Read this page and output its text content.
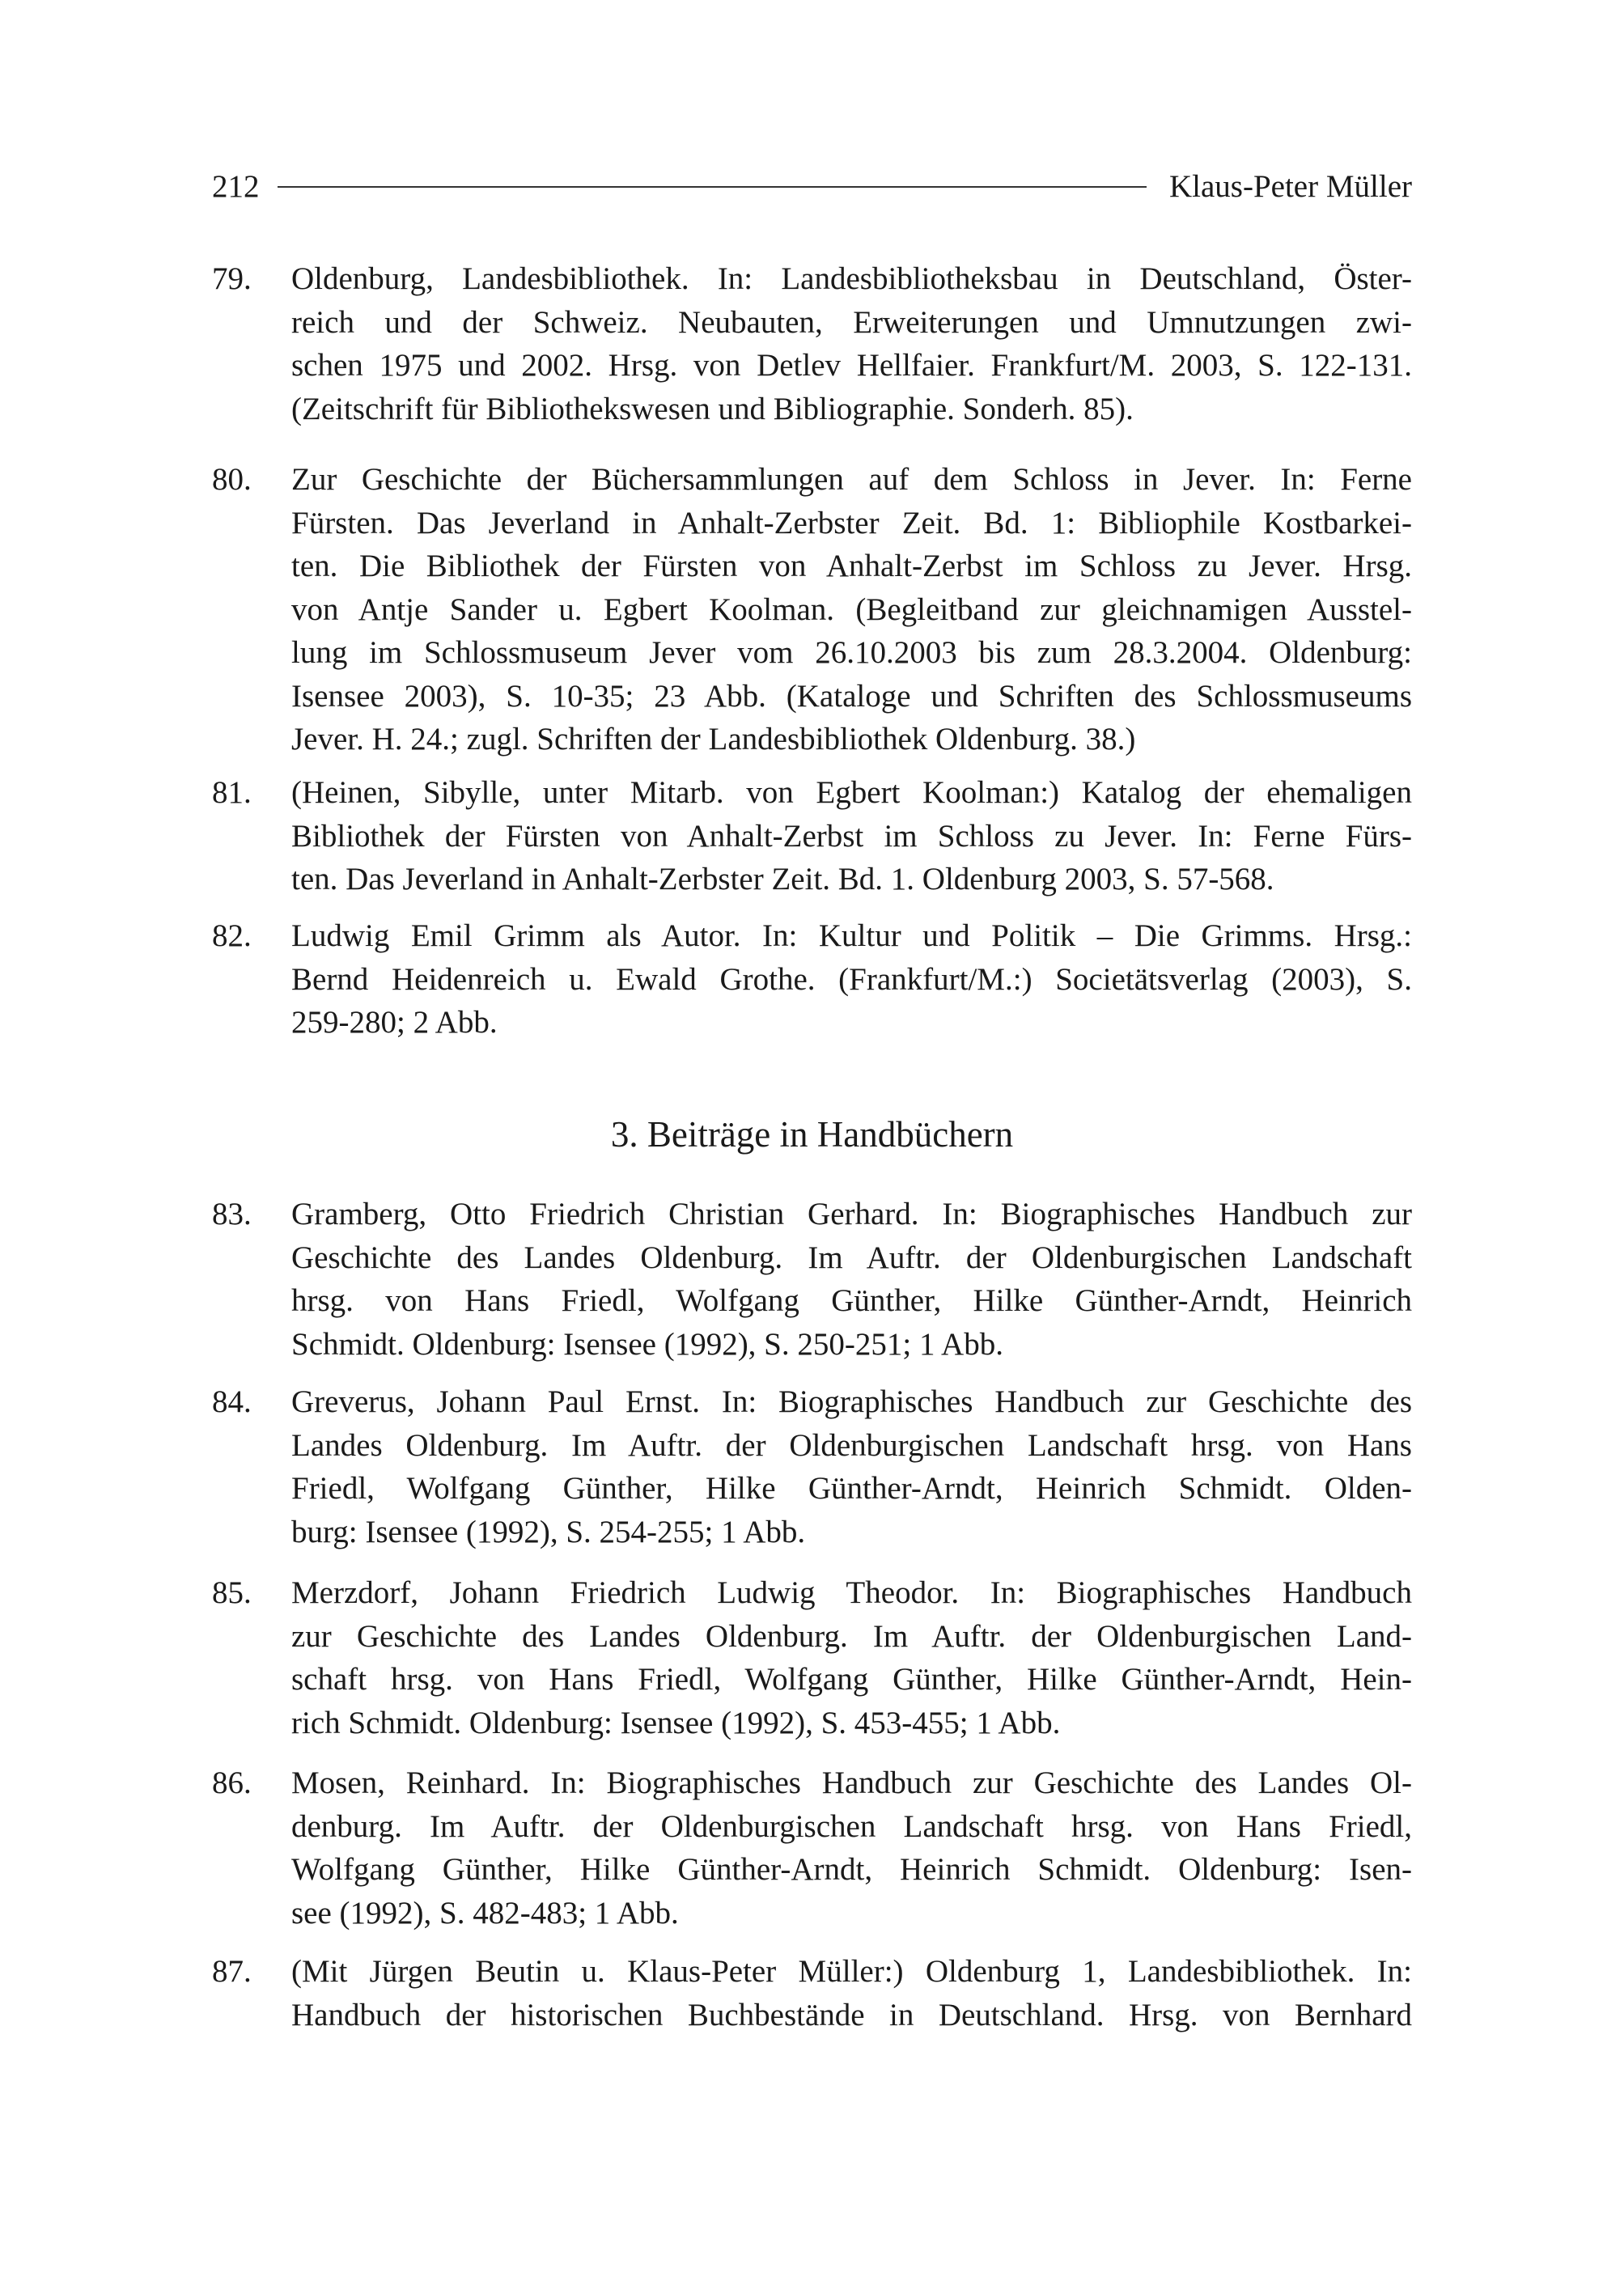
212	Klaus-Peter Müller
79. Oldenburg, Landesbibliothek. In: Landesbibliotheksbau in Deutschland, Öster-
reich und der Schweiz. Neubauten, Erweiterungen und Umnutzungen zwi-
schen 1975 und 2002. Hrsg. von Detlev Hellfaier. Frankfurt/M. 2003, S. 122-131.
(Zeitschrift für Bibliothekswesen und Bibliographie. Sonderh. 85).
80. Zur Geschichte der Büchersammlungen auf dem Schloss in Jever. In: Ferne
Fürsten. Das Jeverland in Anhalt-Zerbster Zeit. Bd. 1: Bibliophile Kostbarkei-
ten. Die Bibliothek der Fürsten von Anhalt-Zerbst im Schloss zu Jever. Hrsg.
von Antje Sander u. Egbert Koolman. (Begleitband zur gleichnamigen Ausstel-
lung im Schlossmuseum Jever vom 26.10.2003 bis zum 28.3.2004. Oldenburg:
Isensee 2003), S. 10-35; 23 Abb. (Kataloge und Schriften des Schlossmuseums
Jever. H. 24.; zugl. Schriften der Landesbibliothek Oldenburg. 38.)
81. (Heinen, Sibylle, unter Mitarb. von Egbert Koolman:) Katalog der ehemaligen
Bibliothek der Fürsten von Anhalt-Zerbst im Schloss zu Jever. In: Ferne Fürs-
ten. Das Jeverland in Anhalt-Zerbster Zeit. Bd. 1. Oldenburg 2003, S. 57-568.
82. Ludwig Emil Grimm als Autor. In: Kultur und Politik – Die Grimms. Hrsg.:
Bernd Heidenreich u. Ewald Grothe. (Frankfurt/M.:) Societätsverlag (2003), S.
259-280; 2 Abb.
3. Beiträge in Handbüchern
83. Gramberg, Otto Friedrich Christian Gerhard. In: Biographisches Handbuch zur
Geschichte des Landes Oldenburg. Im Auftr. der Oldenburgischen Landschaft
hrsg. von Hans Friedl, Wolfgang Günther, Hilke Günther-Arndt, Heinrich
Schmidt. Oldenburg: Isensee (1992), S. 250-251; 1 Abb.
84. Greverus, Johann Paul Ernst. In: Biographisches Handbuch zur Geschichte des
Landes Oldenburg. Im Auftr. der Oldenburgischen Landschaft hrsg. von Hans
Friedl, Wolfgang Günther, Hilke Günther-Arndt, Heinrich Schmidt. Olden-
burg: Isensee (1992), S. 254-255; 1 Abb.
85. Merzdorf, Johann Friedrich Ludwig Theodor. In: Biographisches Handbuch
zur Geschichte des Landes Oldenburg. Im Auftr. der Oldenburgischen Land-
schaft hrsg. von Hans Friedl, Wolfgang Günther, Hilke Günther-Arndt, Hein-
rich Schmidt. Oldenburg: Isensee (1992), S. 453-455; 1 Abb.
86. Mosen, Reinhard. In: Biographisches Handbuch zur Geschichte des Landes Ol-
denburg. Im Auftr. der Oldenburgischen Landschaft hrsg. von Hans Friedl,
Wolfgang Günther, Hilke Günther-Arndt, Heinrich Schmidt. Oldenburg: Isen-
see (1992), S. 482-483; 1 Abb.
87. (Mit Jürgen Beutin u. Klaus-Peter Müller:) Oldenburg 1, Landesbibliothek. In:
Handbuch der historischen Buchbestände in Deutschland. Hrsg. von Bernhard
